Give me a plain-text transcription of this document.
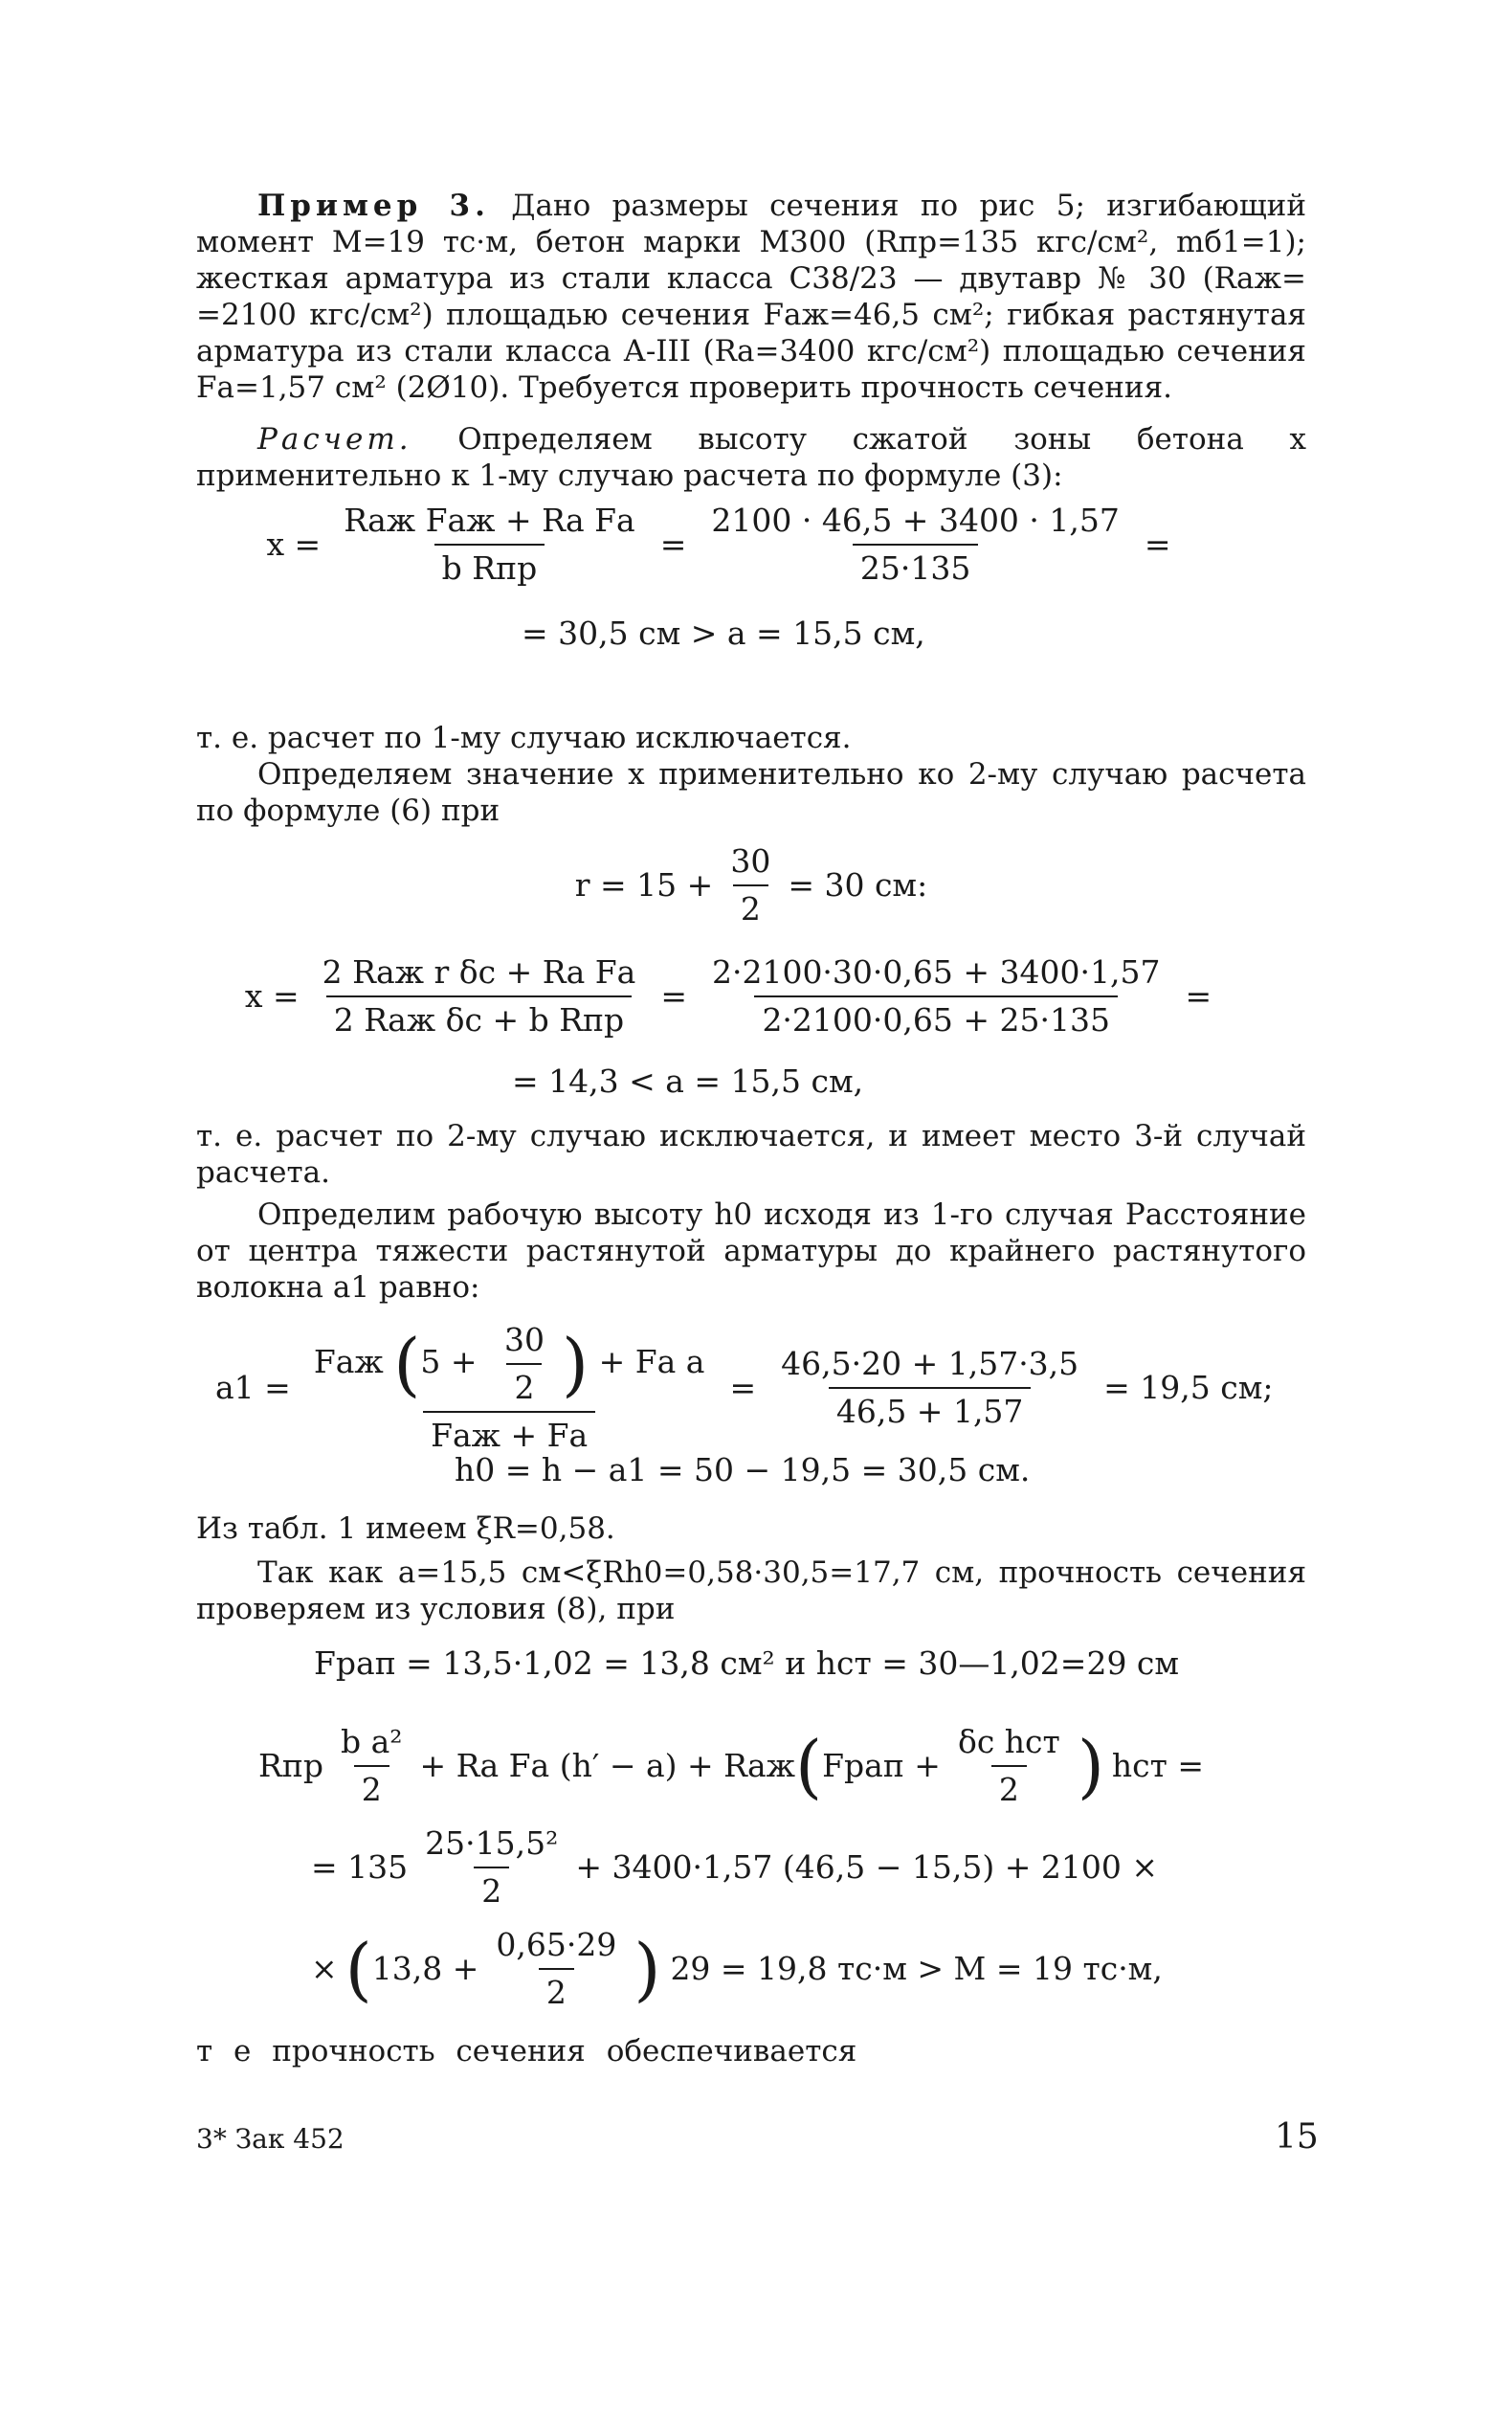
Пример 3. Дано размеры сечения по рис 5; изгибающий момент M=19 тс·м, бетон марки М300 (Rпр=135 кгс/см², mб1=1); жесткая арматура из стали класса С38/23 — двутавр № 30 (Rаж= =2100 кгс/см²) площадью сечения Fаж=46,5 см²; гибкая растянутая арматура из стали класса А-III (Rа=3400 кгс/см²) площадью сечения Fа=1,57 см² (2Ø10). Требуется проверить прочность сечения.

Расчет. Определяем высоту сжатой зоны бетона x применительно к 1-му случаю расчета по формуле (3):

$x = \frac{\text{Rаж Fаж + Rа Fа}}{\text{b Rпр}} = \frac{2100 \cdot 46,5 + 3400 \cdot 1,57}{25\cdot 135}$ =
= 30,5 см > a = 15,5 см,

т. е. расчет по 1-му случаю исключается.

Определяем значение x применительно ко 2-му случаю расчета по формуле (6) при

$r = 15 + \frac{30}{2} = 30$ см:
$x = \frac{\text{2 Rаж r δс + Rа Fа}}{\text{2 Rаж δс + b Rпр}} = \frac{2\cdot 2100\cdot 30\cdot 0,65 + 3400\cdot 1,57}{2\cdot 2100\cdot 0,65 + 25\cdot 135}$ =
= 14,3 < a = 15,5 см,

т. е. расчет по 2-му случаю исключается, и имеет место 3-й случай расчета.

Определим рабочую высоту h0 исходя из 1-го случая Расстояние от центра тяжести растянутой арматуры до крайнего растянутого волокна a1 равно:

$a1 = \frac{Fаж (5 + \frac{30}{2} ) + Fа a}{\text{Fаж + Fа}} = \frac{46,5\cdot 20 + 1,57\cdot 3,5}{46,5 + 1,57} = 19,5$ см;
h0 = h − a1 = 50 − 19,5 = 30,5 см.

Из табл. 1 имеем ξR=0,58.

Так как a=15,5 см<ξRh0=0,58·30,5=17,7 см, прочность сечения проверяем из условия (8), при

Fрап = 13,5·1,02 = 13,8 см² и hст = 30—1,02=29 см
Rпр $\frac{\text{b a²}}{2}$ + Rа Fа (h′ − a) + Rаж ( Fрап + $\frac{\text{δс hст}}{2}$ ) hст =
= $135 \frac{\text{25·15,5²}}{2} + 3400\cdot 1,57$ (46,5 − 15,5) + 2100 ×
× ( $13,8 + \frac{0,65\cdot 29}{2}$ ) 29 = 19,8 тс·м > M = 19 тс·м,

т е прочность сечения обеспечивается

3* Зак 452	15
